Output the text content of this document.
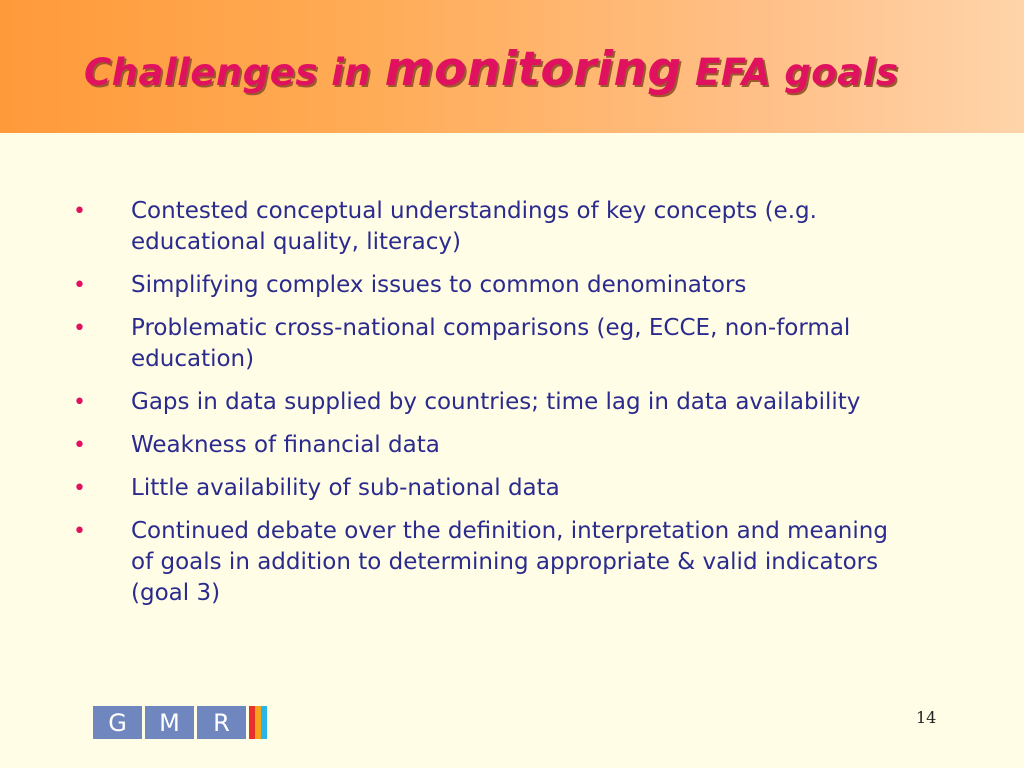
Challenges in monitoring EFA goals
• Contested conceptual understandings of key concepts (e.g. educational quality, literacy)
• Simplifying complex issues to common denominators
• Problematic cross-national comparisons (eg, ECCE, non-formal education)
• Gaps in data supplied by countries; time lag in data availability
• Weakness of financial data
• Little availability of sub-national data
• Continued debate over the definition, interpretation and meaning of goals in addition to determining appropriate & valid indicators (goal 3)
G	M	R	14
